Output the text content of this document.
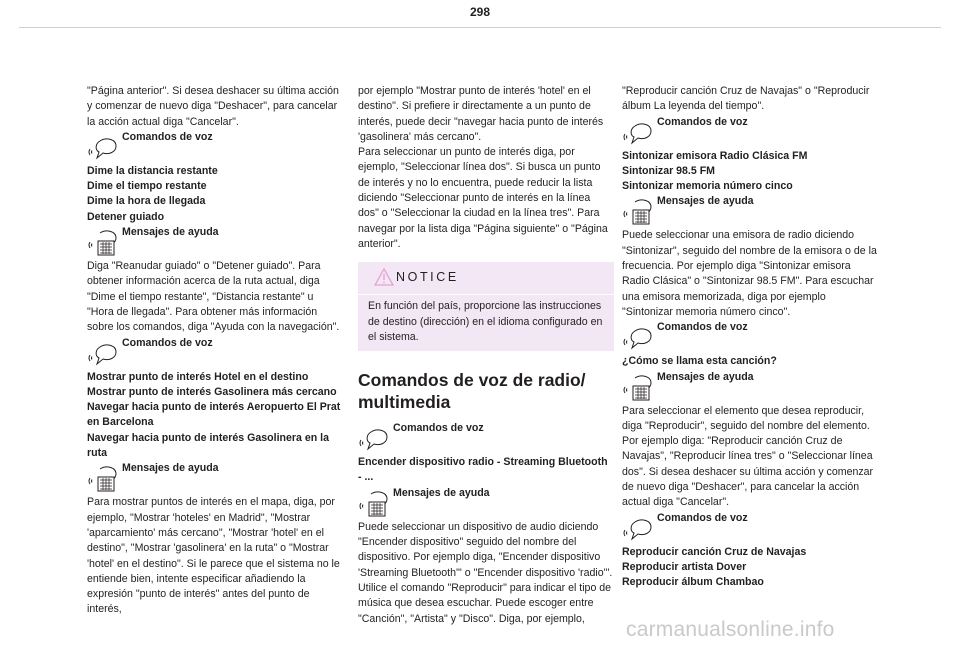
298

"Página anterior". Si desea deshacer su última acción y comenzar de nuevo diga "Deshacer", para cancelar la acción actual diga "Cancelar".

Comandos de voz

Dime la distancia restante

Dime el tiempo restante

Dime la hora de llegada

Detener guiado

Mensajes de ayuda

Diga "Reanudar guiado" o "Detener guiado". Para obtener información acerca de la ruta actual, diga "Dime el tiempo restante", "Distancia restante" u "Hora de llegada". Para obtener más información sobre los comandos, diga "Ayuda con la navegación".

Comandos de voz

Mostrar punto de interés Hotel en el destino

Mostrar punto de interés Gasolinera más cercano

Navegar hacia punto de interés Aeropuerto El Prat en Barcelona

Navegar hacia punto de interés Gasolinera en la ruta

Mensajes de ayuda

Para mostrar puntos de interés en el mapa, diga, por ejemplo, "Mostrar 'hoteles' en Madrid", "Mostrar 'aparcamiento' más cercano", "Mostrar 'hotel' en el destino", "Mostrar 'gasolinera' en la ruta" o "Mostrar 'hotel' en el destino". Si le parece que el sistema no le entiende bien, intente especificar añadiendo la expresión "punto de interés" antes del punto de interés,

por ejemplo "Mostrar punto de interés 'hotel' en el destino". Si prefiere ir directamente a un punto de interés, puede decir "navegar hacia punto de interés 'gasolinera' más cercano".

Para seleccionar un punto de interés diga, por ejemplo, "Seleccionar línea dos". Si busca un punto de interés y no lo encuentra, puede reducir la lista diciendo "Seleccionar punto de interés en la línea dos" o "Seleccionar la ciudad en la línea tres". Para navegar por la lista diga "Página siguiente" o "Página anterior".

NOTICE
En función del país, proporcione las instrucciones de destino (dirección) en el idioma configurado en el sistema.
Comandos de voz de radio/ multimedia
Comandos de voz

Encender dispositivo radio - Streaming Bluetooth - ...

Mensajes de ayuda

Puede seleccionar un dispositivo de audio diciendo "Encender dispositivo" seguido del nombre del dispositivo. Por ejemplo diga, "Encender dispositivo 'Streaming Bluetooth'" o "Encender dispositivo 'radio'". Utilice el comando "Reproducir" para indicar el tipo de música que desea escuchar. Puede escoger entre "Canción", "Artista" y "Disco". Diga, por ejemplo,

"Reproducir canción Cruz de Navajas" o "Reproducir álbum La leyenda del tiempo".

Comandos de voz

Sintonizar emisora Radio Clásica FM

Sintonizar 98.5 FM

Sintonizar memoria número cinco

Mensajes de ayuda

Puede seleccionar una emisora de radio diciendo "Sintonizar", seguido del nombre de la emisora o de la frecuencia. Por ejemplo diga "Sintonizar emisora Radio Clásica" o "Sintonizar 98.5 FM". Para escuchar una emisora memorizada, diga por ejemplo "Sintonizar memoria número cinco".

Comandos de voz

¿Cómo se llama esta canción?

Mensajes de ayuda

Para seleccionar el elemento que desea reproducir, diga "Reproducir", seguido del nombre del elemento. Por ejemplo diga: "Reproducir canción Cruz de Navajas", "Reproducir línea tres" o "Seleccionar línea dos". Si desea deshacer su última acción y comenzar de nuevo diga "Deshacer", para cancelar la acción actual diga "Cancelar".

Comandos de voz

Reproducir canción Cruz de Navajas

Reproducir artista Dover

Reproducir álbum Chambao

carmanualsonline.info
